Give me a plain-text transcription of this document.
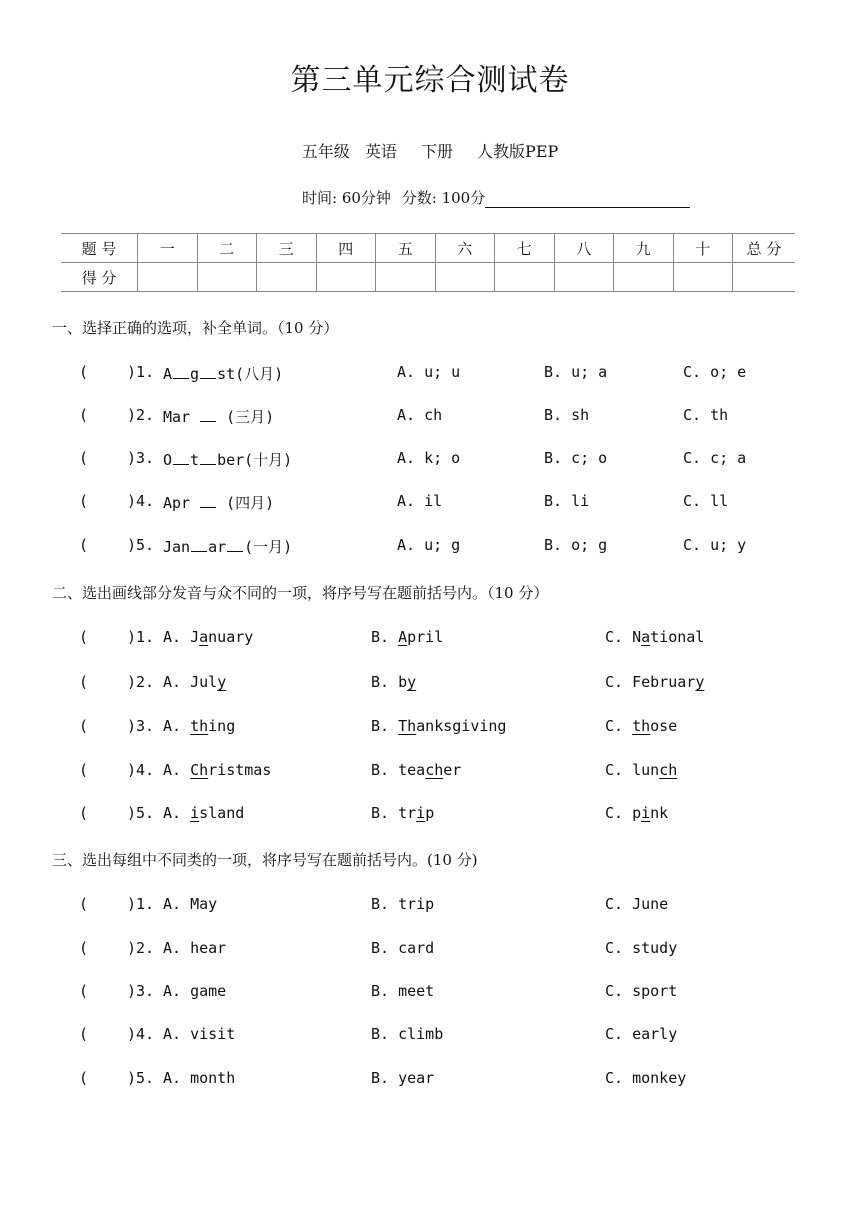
第三单元综合测试卷
五年级 英语 下册 人教版PEP
时间: 60分钟 分数: 100分
题 号	一	二	三	四	五	六	七	八	九	十	总 分
得 分											
一、选择正确的选项，补全单词。（10 分）
(	)1. A g st(八月)	A. u; u	B. u; a	C. o; e
(	)2. Mar  (三月)	A. ch	B. sh	C. th
(	)3. O t ber(十月)	A. k; o	B. c; o	C. c; a
(	)4. Apr  (四月)	A. il	B. li	C. ll
(	)5. Jan ar (一月)	A. u; g	B. o; g	C. u; y
二、选出画线部分发音与众不同的一项，将序号写在题前括号内。（10 分）
(	)1. A. January	B. April	C. National
(	)2. A. July	B. by	C. February
(	)3. A. thing	B. Thanksgiving	C. those
(	)4. A. Christmas	B. teacher	C. lunch
(	)5. A. island	B. trip	C. pink
三、选出每组中不同类的一项，将序号写在题前括号内。(10 分)
(	)1. A. May	B. trip	C. June
(	)2. A. hear	B. card	C. study
(	)3. A. game	B. meet	C. sport
(	)4. A. visit	B. climb	C. early
(	)5. A. month	B. year	C. monkey
